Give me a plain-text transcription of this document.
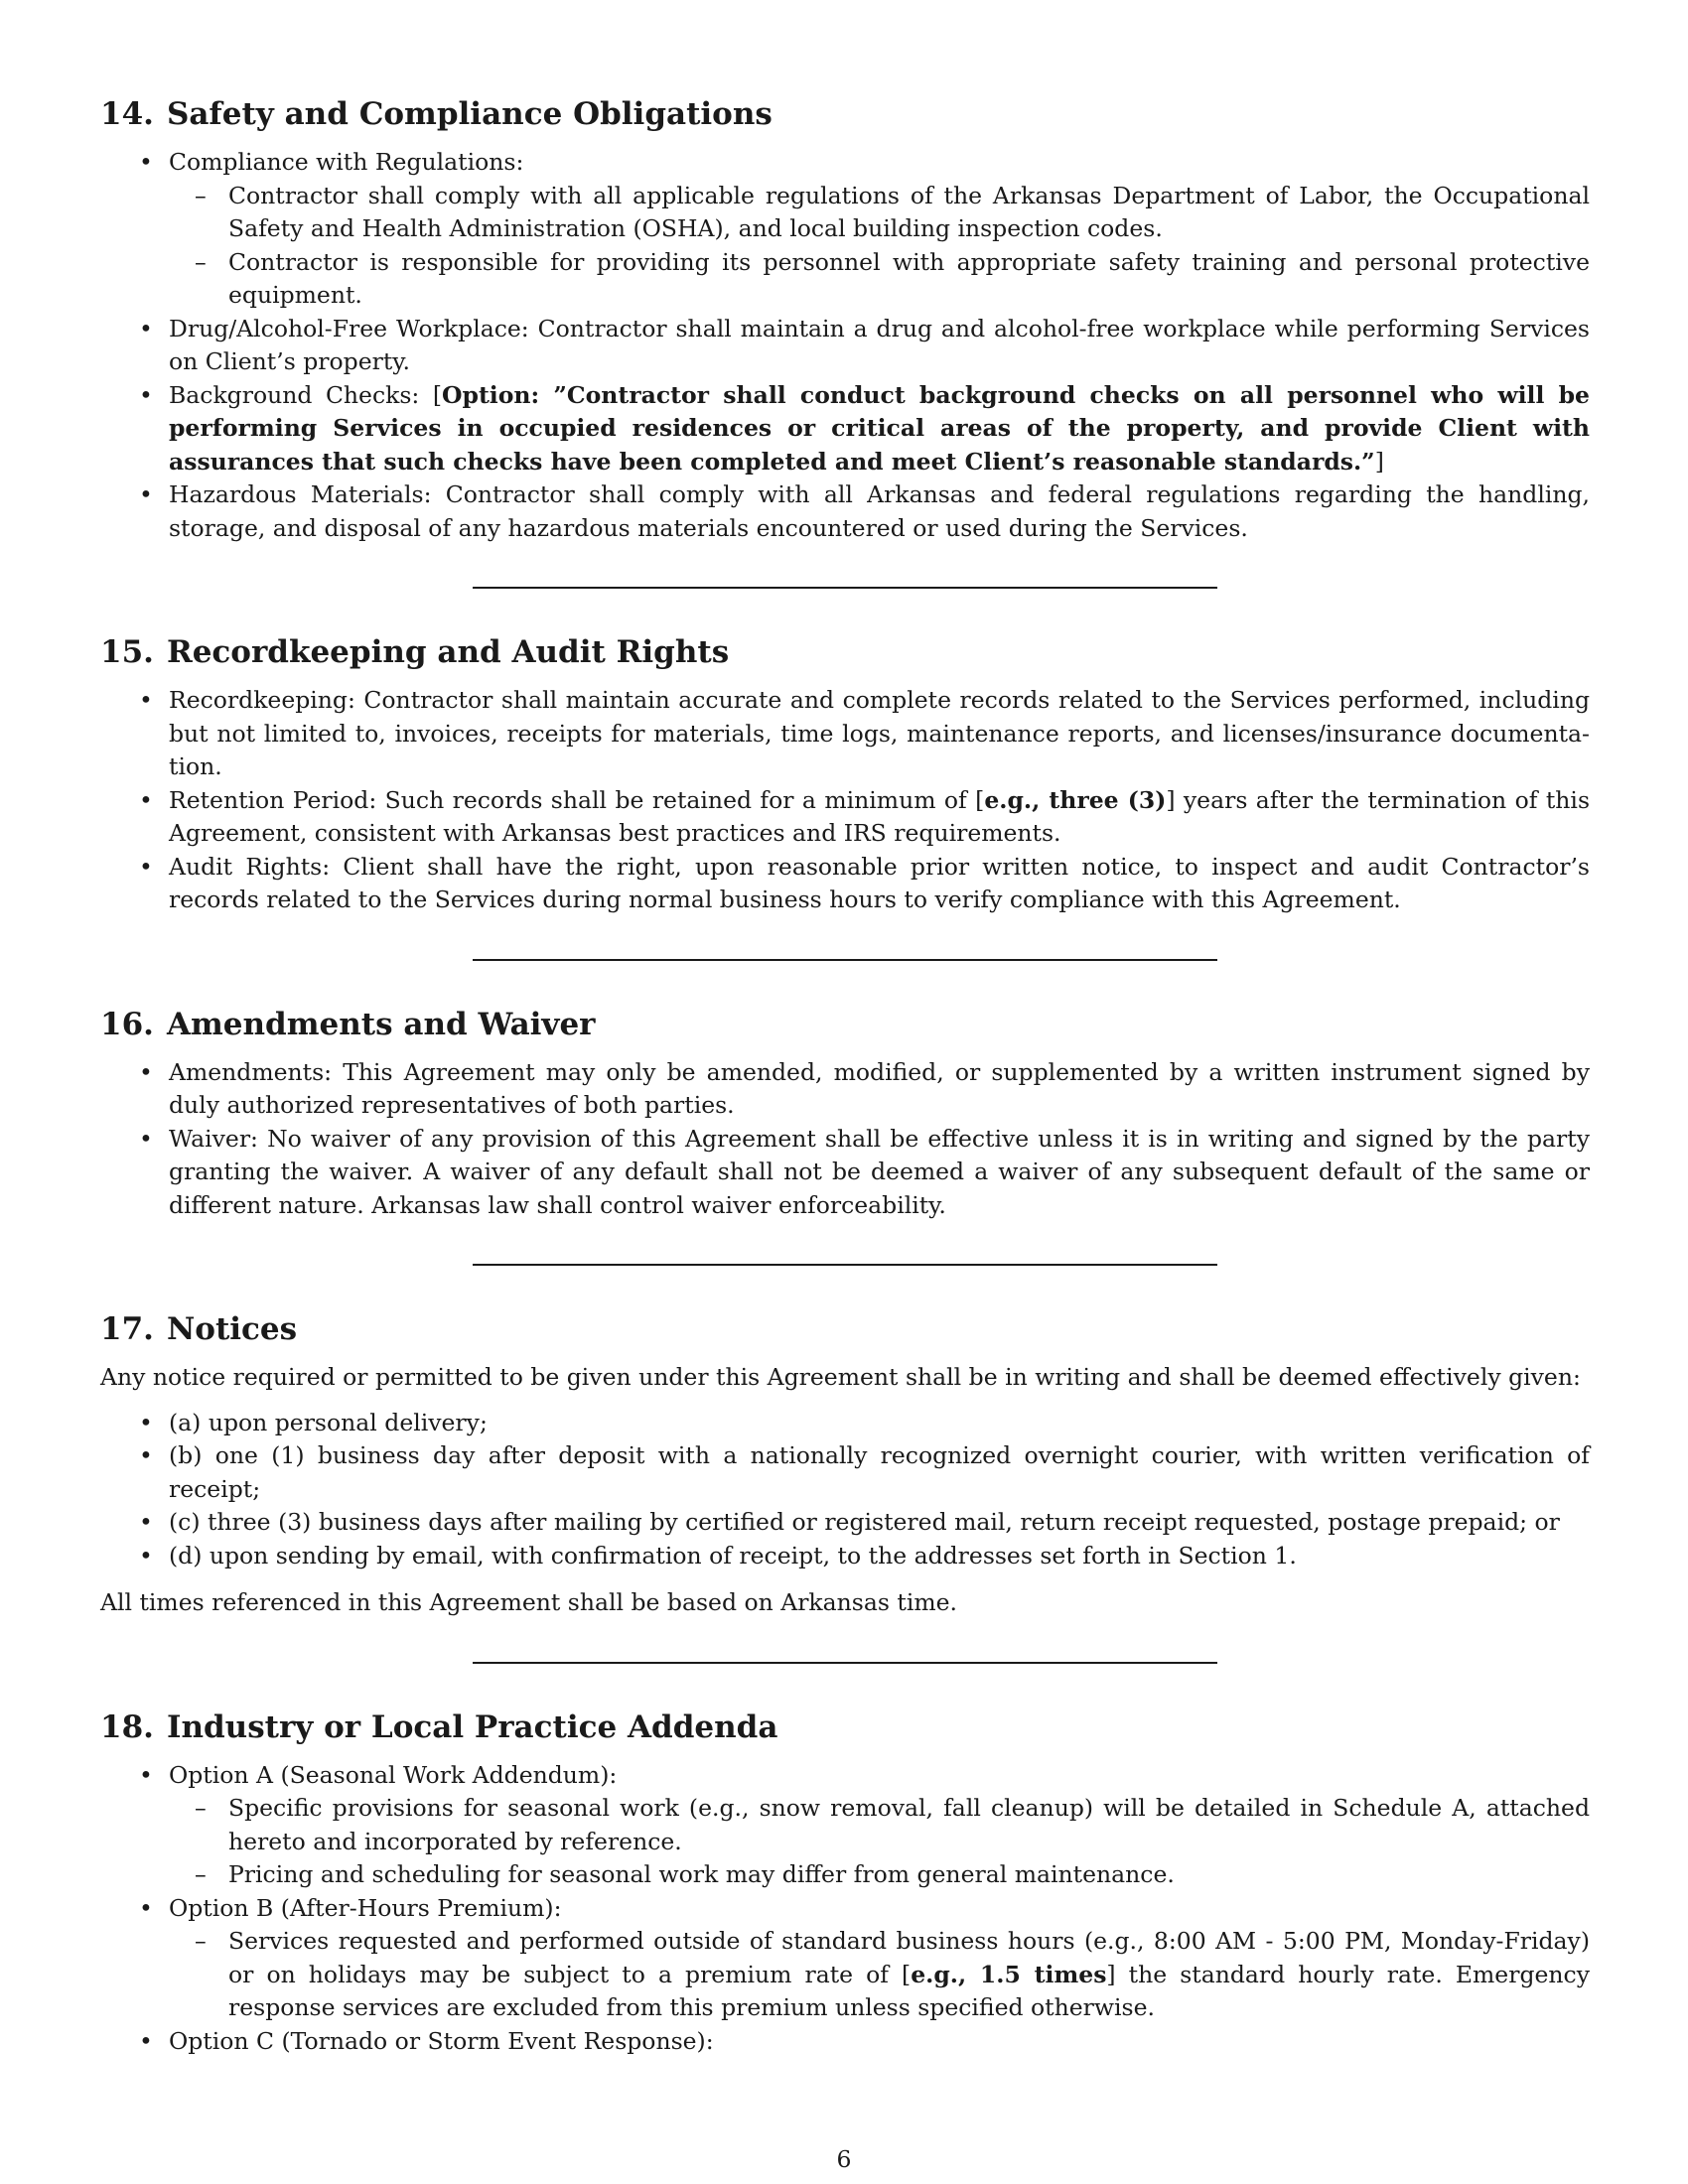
14. Safety and Compliance Obligations
• Compliance with Regulations:
– Contractor shall comply with all applicable regulations of the Arkansas Department of Labor, the Occupational Safety and Health Administration (OSHA), and local building inspection codes.
– Contractor is responsible for providing its personnel with appropriate safety training and personal protective equipment.
• Drug/Alcohol-Free Workplace: Contractor shall maintain a drug and alcohol-free workplace while performing Services on Client’s property.
• Background Checks: [Option: ”Contractor shall conduct background checks on all personnel who will be performing Services in occupied residences or critical areas of the property, and provide Client with assurances that such checks have been completed and meet Client’s reasonable standards.”]
• Hazardous Materials: Contractor shall comply with all Arkansas and federal regulations regarding the handling, storage, and disposal of any hazardous materials encountered or used during the Services.
15. Recordkeeping and Audit Rights
• Recordkeeping: Contractor shall maintain accurate and complete records related to the Services performed, including but not limited to, invoices, receipts for materials, time logs, maintenance reports, and licenses/insurance documenta-tion.
• Retention Period: Such records shall be retained for a minimum of [e.g., three (3)] years after the termination of this Agreement, consistent with Arkansas best practices and IRS requirements.
• Audit Rights: Client shall have the right, upon reasonable prior written notice, to inspect and audit Contractor’s records related to the Services during normal business hours to verify compliance with this Agreement.
16. Amendments and Waiver
• Amendments: This Agreement may only be amended, modified, or supplemented by a written instrument signed by duly authorized representatives of both parties.
• Waiver: No waiver of any provision of this Agreement shall be effective unless it is in writing and signed by the party granting the waiver. A waiver of any default shall not be deemed a waiver of any subsequent default of the same or different nature. Arkansas law shall control waiver enforceability.
17. Notices

Any notice required or permitted to be given under this Agreement shall be in writing and shall be deemed effectively given:

• (a) upon personal delivery;
• (b) one (1) business day after deposit with a nationally recognized overnight courier, with written verification of receipt;
• (c) three (3) business days after mailing by certified or registered mail, return receipt requested, postage prepaid; or
• (d) upon sending by email, with confirmation of receipt, to the addresses set forth in Section 1.

All times referenced in this Agreement shall be based on Arkansas time.

18. Industry or Local Practice Addenda
• Option A (Seasonal Work Addendum):
– Specific provisions for seasonal work (e.g., snow removal, fall cleanup) will be detailed in Schedule A, attached hereto and incorporated by reference.
– Pricing and scheduling for seasonal work may differ from general maintenance.
• Option B (After-Hours Premium):
– Services requested and performed outside of standard business hours (e.g., 8:00 AM - 5:00 PM, Monday-Friday) or on holidays may be subject to a premium rate of [e.g., 1.5 times] the standard hourly rate. Emergency response services are excluded from this premium unless specified otherwise.
• Option C (Tornado or Storm Event Response):
6
